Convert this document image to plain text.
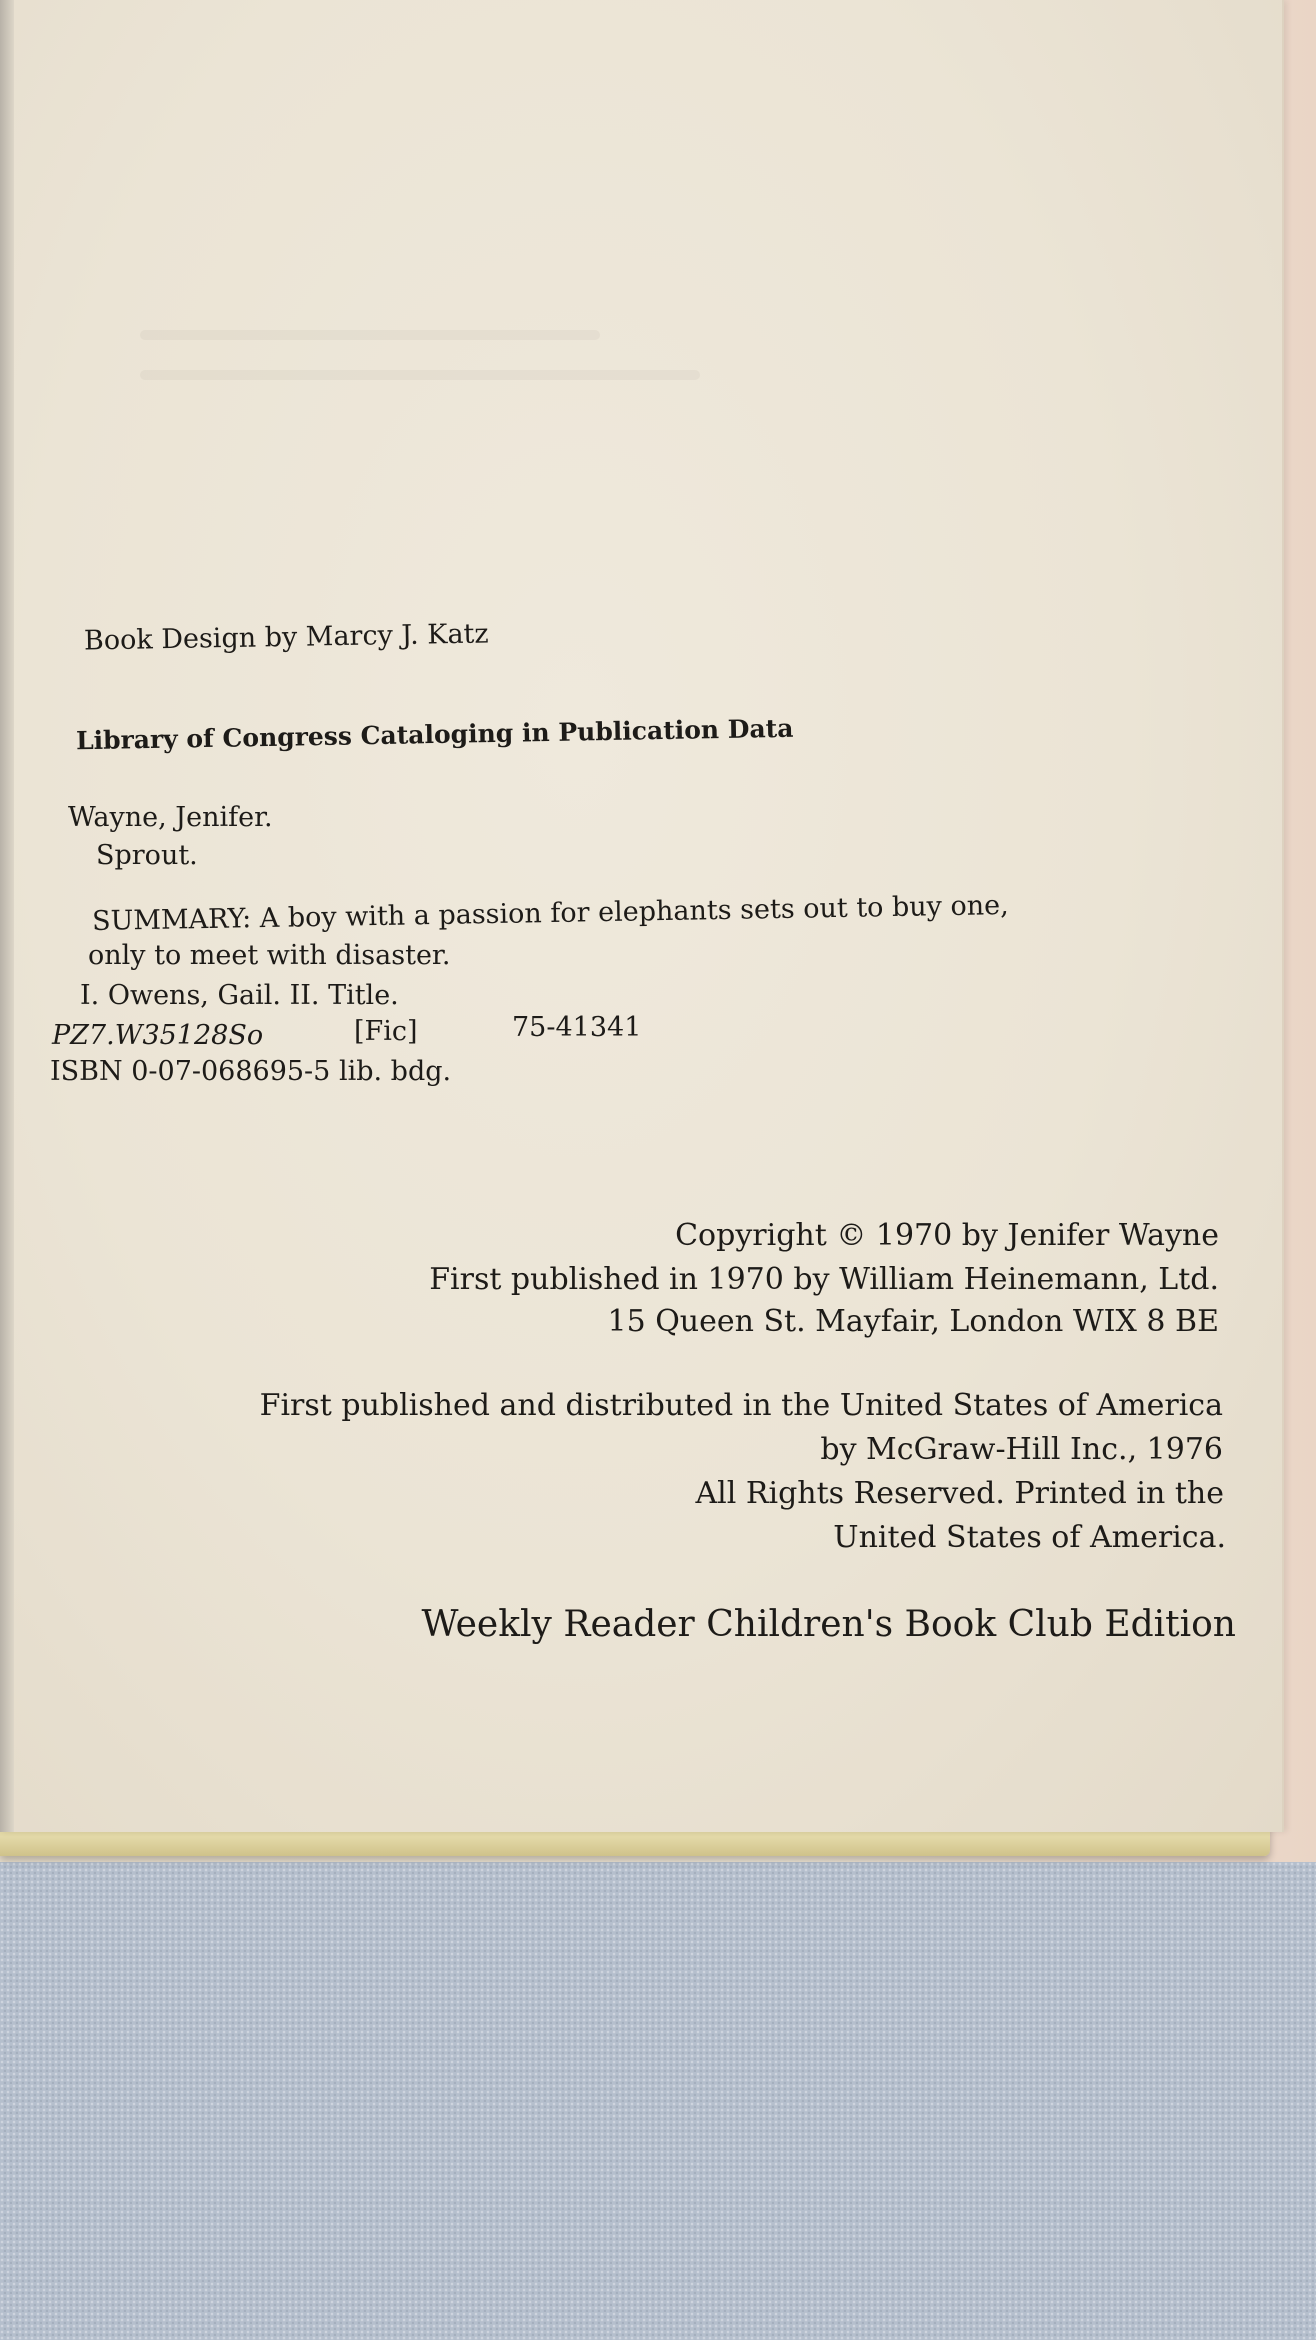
Book Design by Marcy J. Katz
Library of Congress Cataloging in Publication Data
Wayne, Jenifer.
Sprout.
SUMMARY: A boy with a passion for elephants sets out to buy one,
only to meet with disaster.
I. Owens, Gail. II. Title.
PZ7.W35128So	[Fic]	75-41341
ISBN 0-07-068695-5 lib. bdg.
Copyright © 1970 by Jenifer Wayne
First published in 1970 by William Heinemann, Ltd.
15 Queen St. Mayfair, London WIX 8 BE
First published and distributed in the United States of America
by McGraw-Hill Inc., 1976
All Rights Reserved. Printed in the
United States of America.
Weekly Reader Children's Book Club Edition
